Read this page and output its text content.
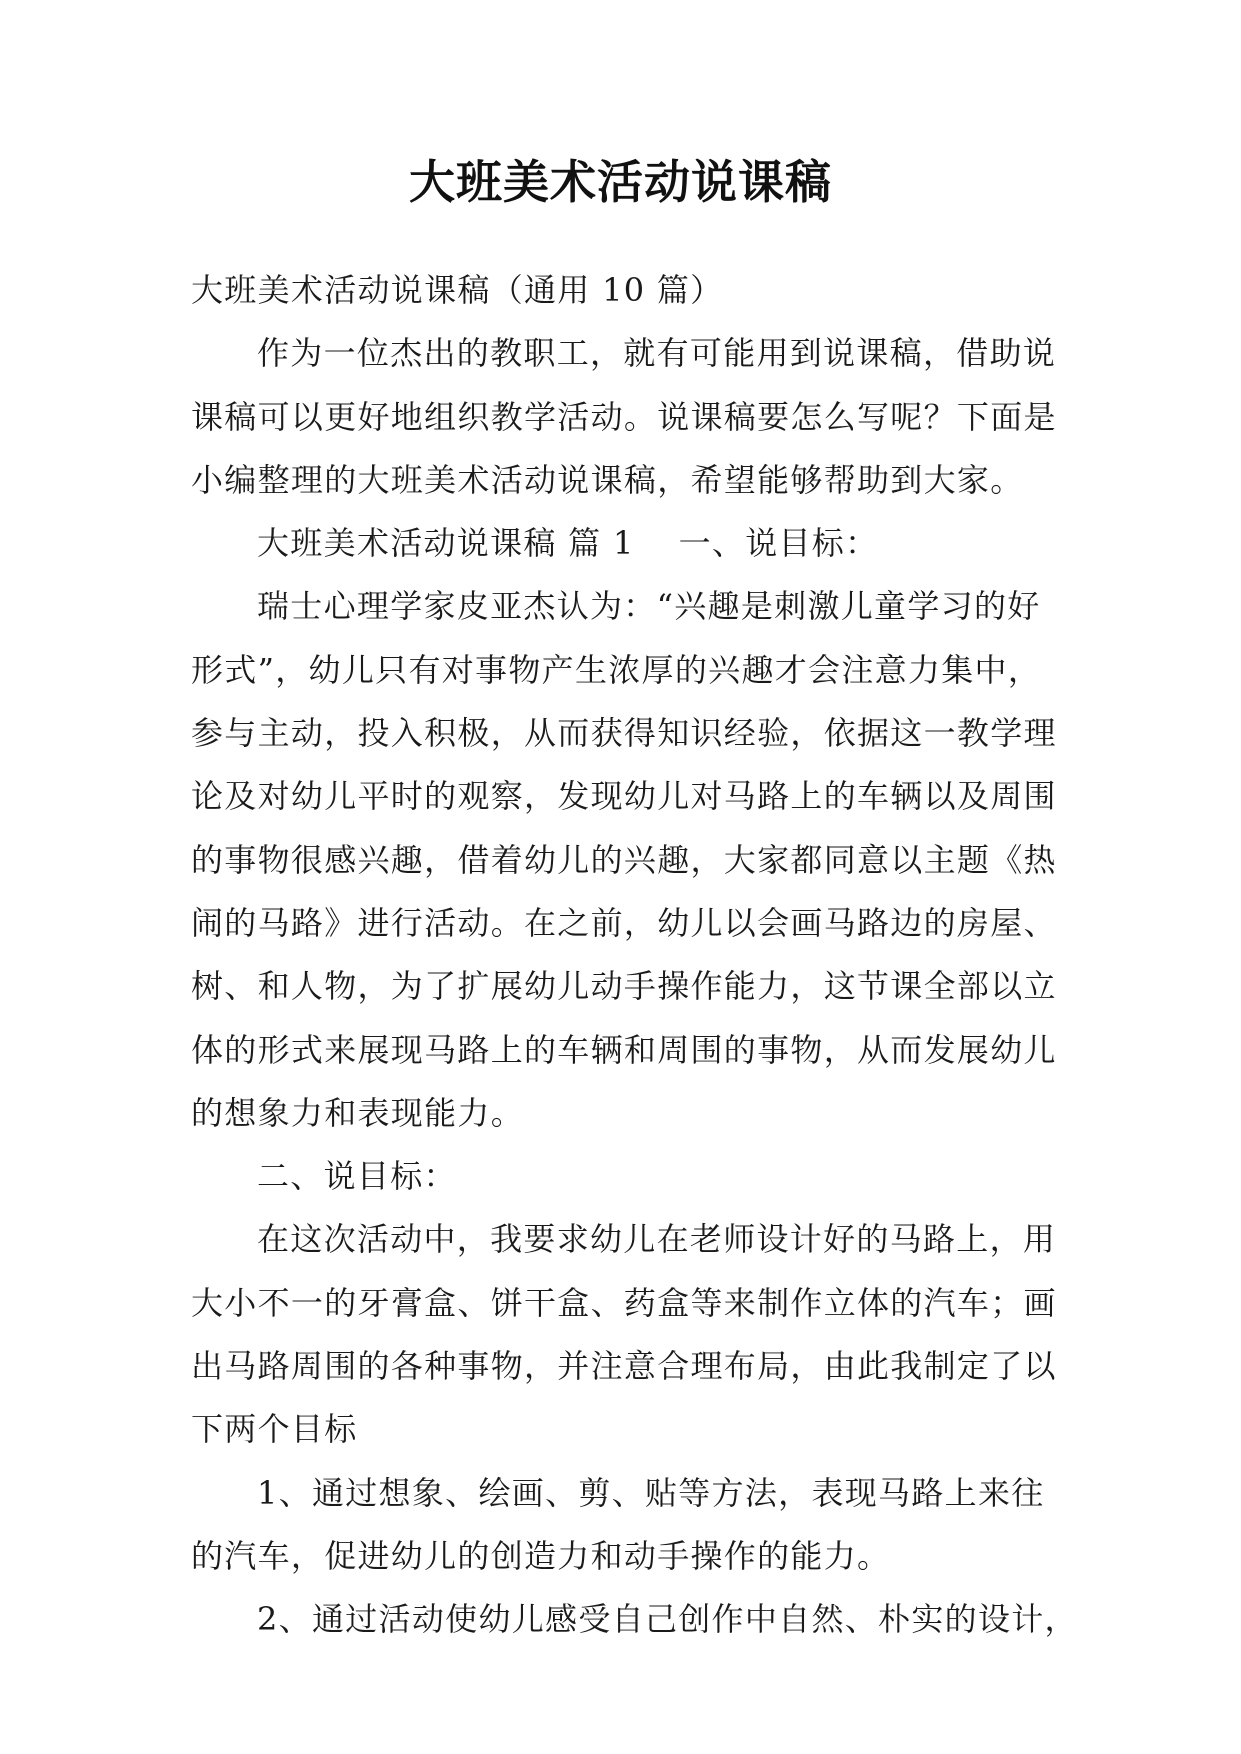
大班美术活动说课稿
大班美术活动说课稿（通用 10 篇）
作为一位杰出的教职工，就有可能用到说课稿，借助说
课稿可以更好地组织教学活动。说课稿要怎么写呢？下面是
小编整理的大班美术活动说课稿，希望能够帮助到大家。
大班美术活动说课稿 篇 1 一、说目标：
瑞士心理学家皮亚杰认为：“兴趣是刺激儿童学习的好
形式”，幼儿只有对事物产生浓厚的兴趣才会注意力集中，
参与主动，投入积极，从而获得知识经验，依据这一教学理
论及对幼儿平时的观察，发现幼儿对马路上的车辆以及周围
的事物很感兴趣，借着幼儿的兴趣，大家都同意以主题《热
闹的马路》进行活动。在之前，幼儿以会画马路边的房屋、
树、和人物，为了扩展幼儿动手操作能力，这节课全部以立
体的形式来展现马路上的车辆和周围的事物，从而发展幼儿
的想象力和表现能力。
二、说目标：
在这次活动中，我要求幼儿在老师设计好的马路上，用
大小不一的牙膏盒、饼干盒、药盒等来制作立体的汽车；画
出马路周围的各种事物，并注意合理布局，由此我制定了以
下两个目标
1、通过想象、绘画、剪、贴等方法，表现马路上来往
的汽车，促进幼儿的创造力和动手操作的能力。
2、通过活动使幼儿感受自己创作中自然、朴实的设计，
